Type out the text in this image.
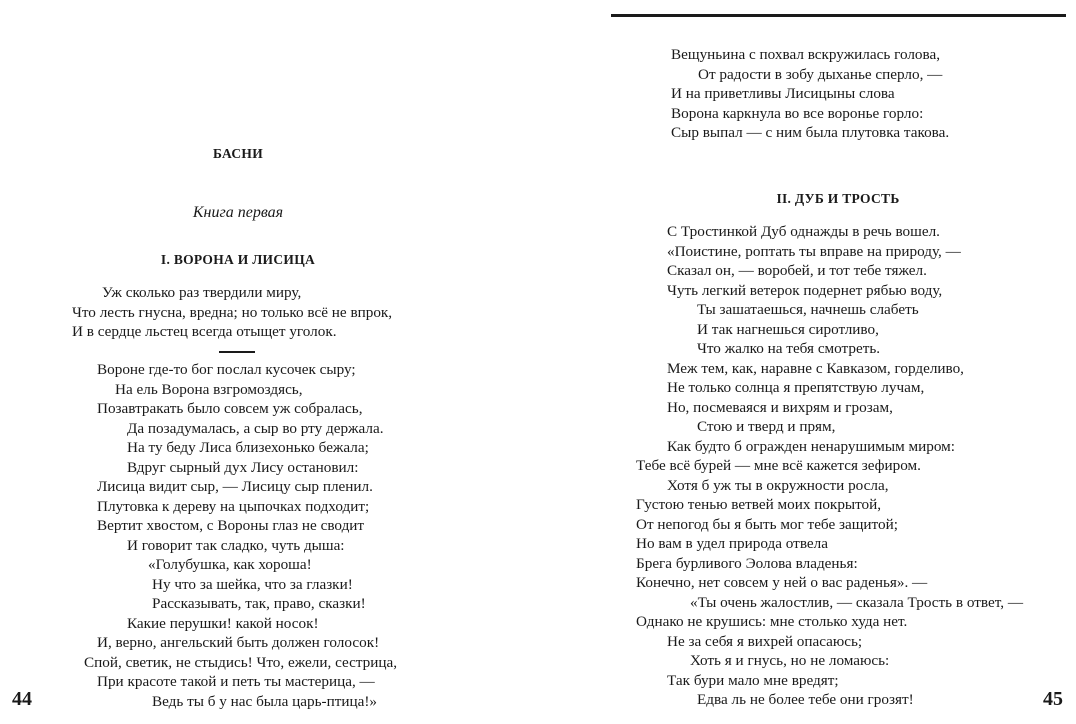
БАСНИ
Книга первая
I. ВОРОНА И ЛИСИЦА
Уж сколько раз твердили миру,
Что лесть гнусна, вредна; но только всё не впрок,
И в сердце льстец всегда отыщет уголок.
Вороне где-то бог послал кусочек сыру;
На ель Ворона взгромоздясь,
Позавтракать было совсем уж собралась,
Да позадумалась, а сыр во рту держала.
На ту беду Лиса близехонько бежала;
Вдруг сырный дух Лису остановил:
Лисица видит сыр, — Лисицу сыр пленил.
Плутовка к дереву на цыпочках подходит;
Вертит хвостом, с Вороны глаз не сводит
И говорит так сладко, чуть дыша:
«Голубушка, как хороша!
Ну что за шейка, что за глазки!
Рассказывать, так, право, сказки!
Какие перушки! какой носок!
И, верно, ангельский быть должен голосок!
Спой, светик, не стыдись! Что, ежели, сестрица,
При красоте такой и петь ты мастерица, —
Ведь ты б у нас была царь-птица!»
44
Вещуньина с похвал вскружилась голова,
От радости в зобу дыханье сперло, —
И на приветливы Лисицыны слова
Ворона каркнула во все воронье горло:
Сыр выпал — с ним была плутовка такова.
II. ДУБ И ТРОСТЬ
С Тростинкой Дуб однажды в речь вошел.
«Поистине, роптать ты вправе на природу, —
Сказал он, — воробей, и тот тебе тяжел.
Чуть легкий ветерок подернет рябью воду,
Ты зашатаешься, начнешь слабеть
И так нагнешься сиротливо,
Что жалко на тебя смотреть.
Меж тем, как, наравне с Кавказом, горделиво,
Не только солнца я препятствую лучам,
Но, посмеваяся и вихрям и грозам,
Стою и тверд и прям,
Как будто б огражден ненарушимым миром:
Тебе всё бурей — мне всё кажется зефиром.
Хотя б уж ты в окружности росла,
Густою тенью ветвей моих покрытой,
От непогод бы я быть мог тебе защитой;
Но вам в удел природа отвела
Брега бурливого Эолова владенья:
Конечно, нет совсем у ней о вас раденья». —
«Ты очень жалостлив, — сказала Трость в ответ, —
Однако не крушись: мне столько худа нет.
Не за себя я вихрей опасаюсь;
Хоть я и гнусь, но не ломаюсь:
Так бури мало мне вредят;
Едва ль не более тебе они грозят!	45
